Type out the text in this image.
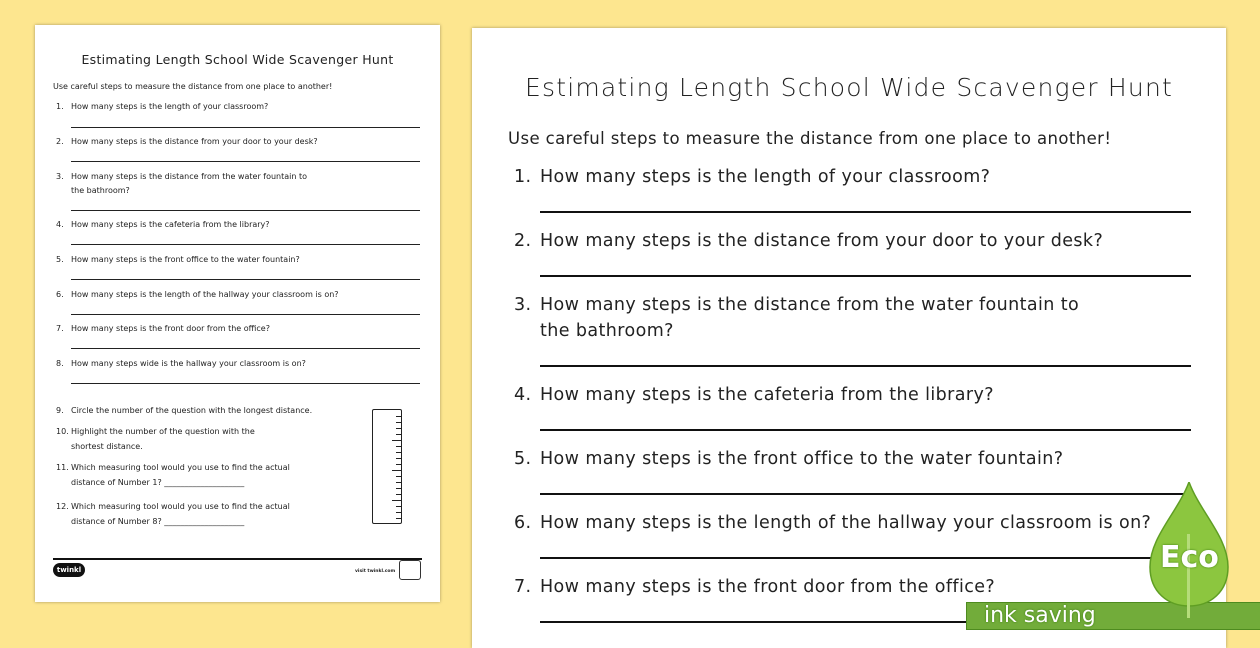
Estimating Length School Wide Scavenger Hunt
Use careful steps to measure the distance from one place to another!
1. How many steps is the length of your classroom?
2. How many steps is the distance from your door to your desk?
3. How many steps is the distance from the water fountain to
the bathroom?
4. How many steps is the cafeteria from the library?
5. How many steps is the front office to the water fountain?
6. How many steps is the length of the hallway your classroom is on?
7. How many steps is the front door from the office?
8. How many steps wide is the hallway your classroom is on?
9. Circle the number of the question with the longest distance.
10. Highlight the number of the question with the
shortest distance.
11. Which measuring tool would you use to find the actual
distance of Number 1? ____________________
12. Which measuring tool would you use to find the actual
distance of Number 8? ____________________
twinkl	visit twinkl.com
Estimating Length School Wide Scavenger Hunt
Use careful steps to measure the distance from one place to another!
1. How many steps is the length of your classroom?
2. How many steps is the distance from your door to your desk?
3. How many steps is the distance from the water fountain to
the bathroom?
4. How many steps is the cafeteria from the library?
5. How many steps is the front office to the water fountain?
6. How many steps is the length of the hallway your classroom is on?
7. How many steps is the front door from the office?
ink saving
Eco
